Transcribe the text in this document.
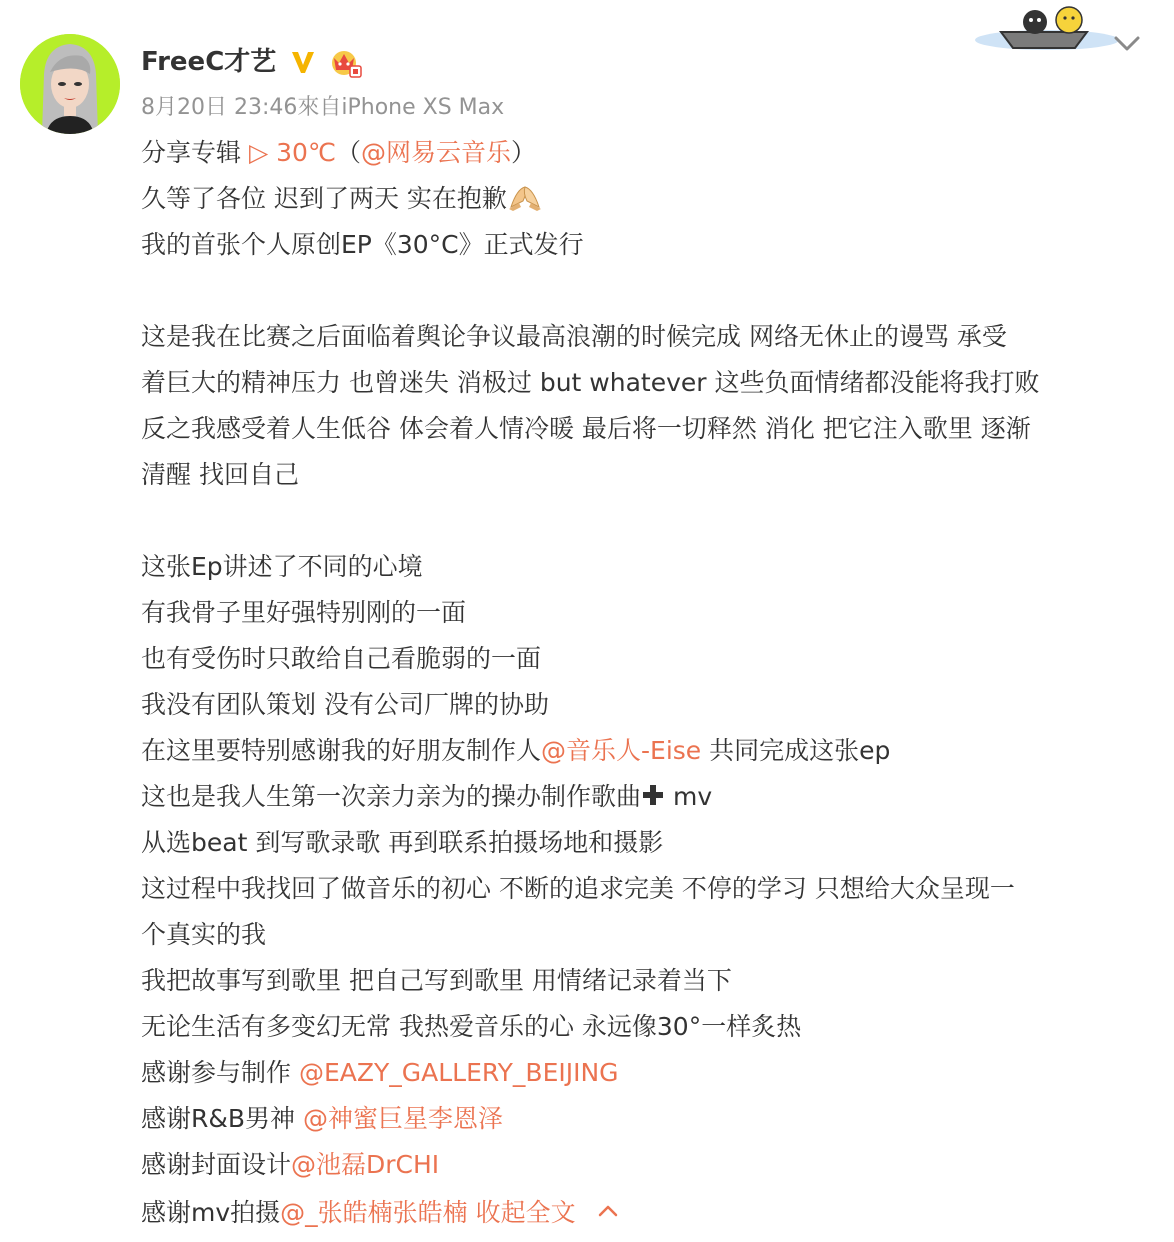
FreeC才艺
8月20日 23:46來自iPhone XS Max
分享专辑 ▷ 30℃（@网易云音乐）
久等了各位 迟到了两天 实在抱歉
我的首张个人原创EP《30°C》正式发行
这是我在比赛之后面临着舆论争议最高浪潮的时候完成 网络无休止的谩骂 承受
着巨大的精神压力 也曾迷失 消极过 but whatever 这些负面情绪都没能将我打败
反之我感受着人生低谷 体会着人情冷暖 最后将一切释然 消化 把它注入歌里 逐渐
清醒 找回自己
这张Ep讲述了不同的心境
有我骨子里好强特别刚的一面
也有受伤时只敢给自己看脆弱的一面
我没有团队策划 没有公司厂牌的协助
在这里要特别感谢我的好朋友制作人@音乐人-Eise 共同完成这张ep
这也是我人生第一次亲力亲为的操办制作歌曲 mv
从选beat 到写歌录歌 再到联系拍摄场地和摄影
这过程中我找回了做音乐的初心 不断的追求完美 不停的学习 只想给大众呈现一
个真实的我
我把故事写到歌里 把自己写到歌里 用情绪记录着当下
无论生活有多变幻无常 我热爱音乐的心 永远像30°一样炙热
感谢参与制作 @EAZY_GALLERY_BEIJING
感谢R&B男神 @神蜜巨星李恩泽
感谢封面设计@池磊DrCHI
感谢mv拍摄@_张皓楠张皓楠 收起全文
